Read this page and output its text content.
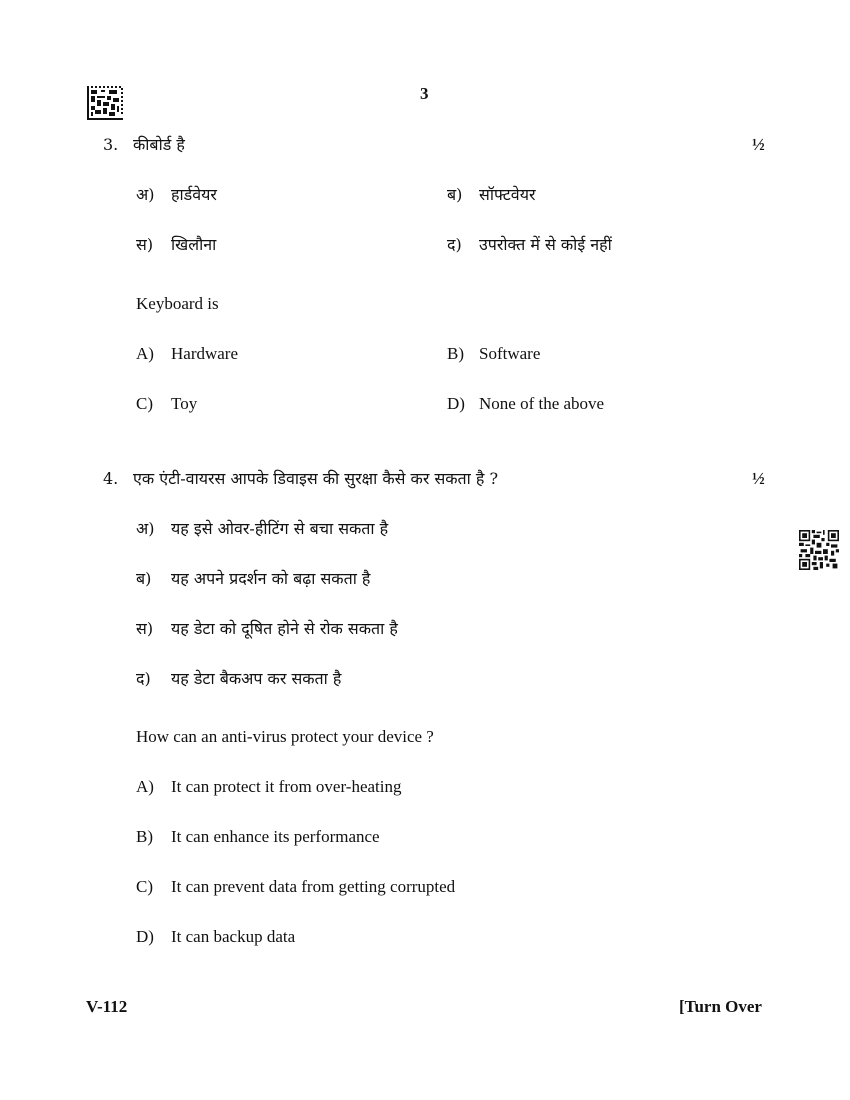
3
3. कीबोर्ड है	½
अ) हार्डवेयर	ब) सॉफ्टवेयर
स) खिलौना	द) उपरोक्त में से कोई नहीं
Keyboard is
A) Hardware	B) Software
C) Toy	D) None of the above
4. एक एंटी-वायरस आपके डिवाइस की सुरक्षा कैसे कर सकता है ?	½
अ) यह इसे ओवर-हीटिंग से बचा सकता है
ब) यह अपने प्रदर्शन को बढ़ा सकता है
स) यह डेटा को दूषित होने से रोक सकता है
द) यह डेटा बैकअप कर सकता है
How can an anti-virus protect your device ?
A) It can protect it from over-heating
B) It can enhance its performance
C) It can prevent data from getting corrupted
D) It can backup data
V-112	[Turn Over
